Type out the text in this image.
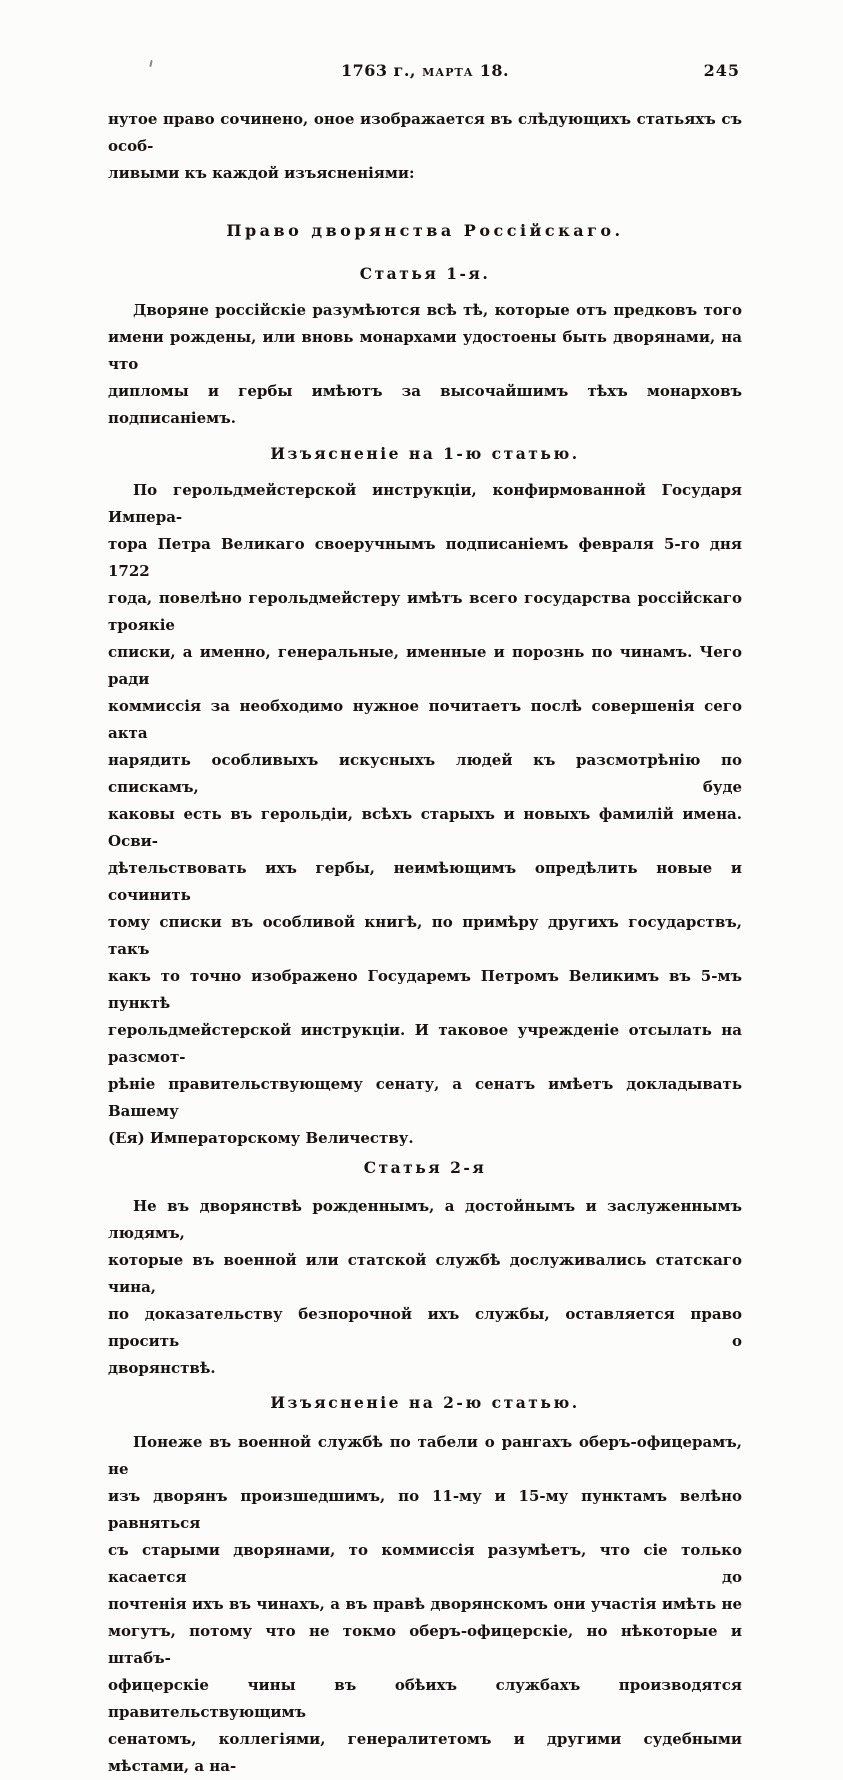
1763 г., марта 18.	245
нутое право сочинено, оное изображается въ слѣдующихъ статьяхъ съ особ-
ливыми къ каждой изъясненіями:
Право дворянства Россійскаго.
Статья 1-я.
Дворяне россійскіе разумѣются всѣ тѣ, которые отъ предковъ того
имени рождены, или вновь монархами удостоены быть дворянами, на что
дипломы и гербы имѣютъ за высочайшимъ тѣхъ монарховъ подписаніемъ.
Изъясненіе на 1-ю статью.
По герольдмейстерской инструкціи, конфирмованной Государя Импера-
тора Петра Великаго своеручнымъ подписаніемъ февраля 5-го дня 1722
года, повелѣно герольдмейстеру имѣтъ всего государства россійскаго троякіе
списки, а именно, генеральные, именные и порознь по чинамъ. Чего ради
коммиссія за необходимо нужное почитаетъ послѣ совершенія сего акта
нарядить особливыхъ искусныхъ людей къ разсмотрѣнію по спискамъ, буде
каковы есть въ герольдіи, всѣхъ старыхъ и новыхъ фамилій имена. Осви-
дѣтельствовать ихъ гербы, неимѣющимъ опредѣлить новые и сочинить
тому списки въ особливой книгѣ, по примѣру другихъ государствъ, такъ
какъ то точно изображено Государемъ Петромъ Великимъ въ 5-мъ пунктѣ
герольдмейстерской инструкціи. И таковое учрежденіе отсылать на разсмот-
рѣніе правительствующему сенату, а сенатъ имѣетъ докладывать Вашему
(Ея) Императорскому Величеству.
Статья 2-я
Не въ дворянствѣ рожденнымъ, а достойнымъ и заслуженнымъ людямъ,
которые въ военной или статской службѣ дослуживались статскаго чина,
по доказательству безпорочной ихъ службы, оставляется право просить о
дворянствѣ.
Изъясненіе на 2-ю статью.
Понеже въ военной службѣ по табели о рангахъ оберъ-офицерамъ, не
изъ дворянъ произшедшимъ, по 11-му и 15-му пунктамъ велѣно равняться
съ старыми дворянами, то коммиссія разумѣетъ, что сіе только касается до
почтенія ихъ въ чинахъ, а въ правѣ дворянскомъ они участія имѣть не
могутъ, потому что не токмо оберъ-офицерскіе, но нѣкоторые и штабъ-
офицерскіе чины въ обѣихъ службахъ производятся правительствующимъ
сенатомъ, коллегіями, генералитетомъ и другими судебными мѣстами, а на-
